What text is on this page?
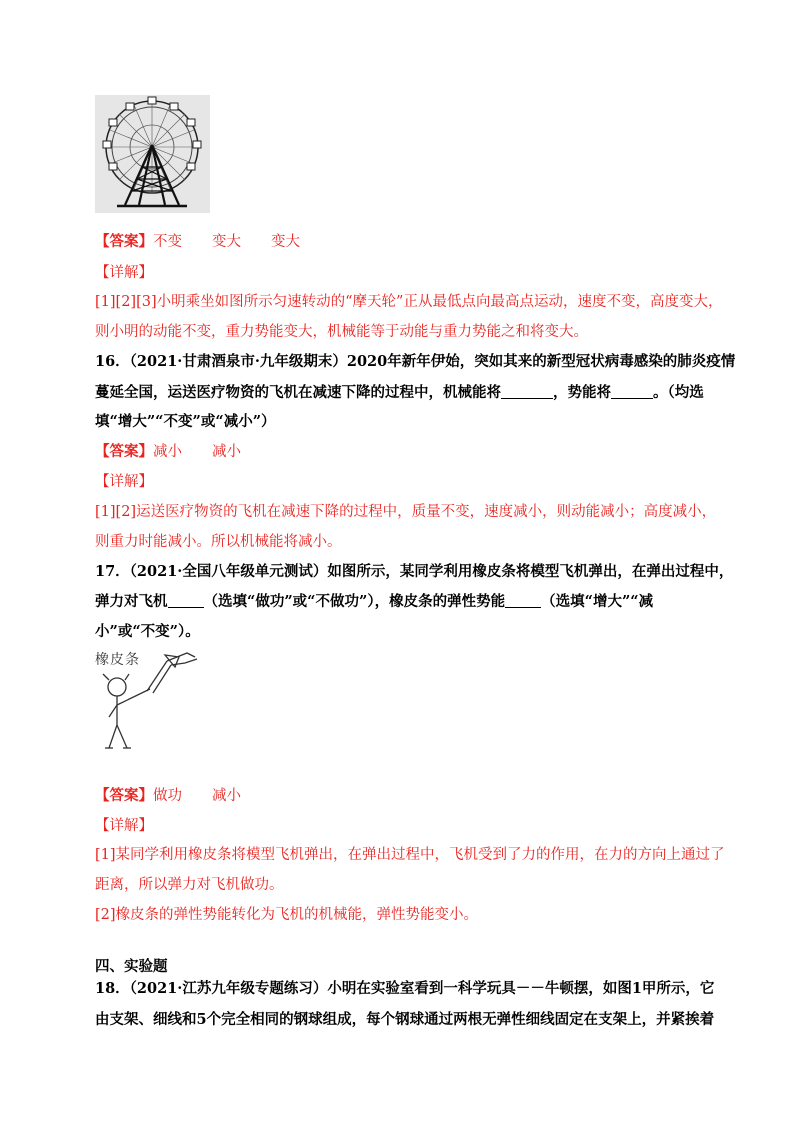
【答案】不变 变大 变大
【详解】
[1][2][3]小明乘坐如图所示匀速转动的“摩天轮”正从最低点向最高点运动，速度不变，高度变大，
则小明的动能不变，重力势能变大，机械能等于动能与重力势能之和将变大。
16．（2021·甘肃酒泉市·九年级期末）2020年新年伊始，突如其来的新型冠状病毒感染的肺炎疫情
蔓延全国，运送医疗物资的飞机在减速下降的过程中，机械能将	，势能将	。（均选
填“增大”“不变”或“减小”）
【答案】减小 减小
【详解】
[1][2]运送医疗物资的飞机在减速下降的过程中，质量不变，速度减小，则动能减小；高度减小，
则重力时能减小。所以机械能将减小。
17．（2021·全国八年级单元测试）如图所示，某同学利用橡皮条将模型飞机弹出，在弹出过程中，
弹力对飞机 （选填“做功”或“不做功”），橡皮条的弹性势能 （选填“增大”“减
小”或“不变”）。
橡皮条
【答案】做功 减小
【详解】
[1]某同学利用橡皮条将模型飞机弹出，在弹出过程中，飞机受到了力的作用，在力的方向上通过了
距离，所以弹力对飞机做功。
[2]橡皮条的弹性势能转化为飞机的机械能，弹性势能变小。
四、实验题
18．（2021·江苏九年级专题练习）小明在实验室看到一科学玩具－－牛顿摆，如图1甲所示，它
由支架、细线和5个完全相同的钢球组成，每个钢球通过两根无弹性细线固定在支架上，并紧挨着
